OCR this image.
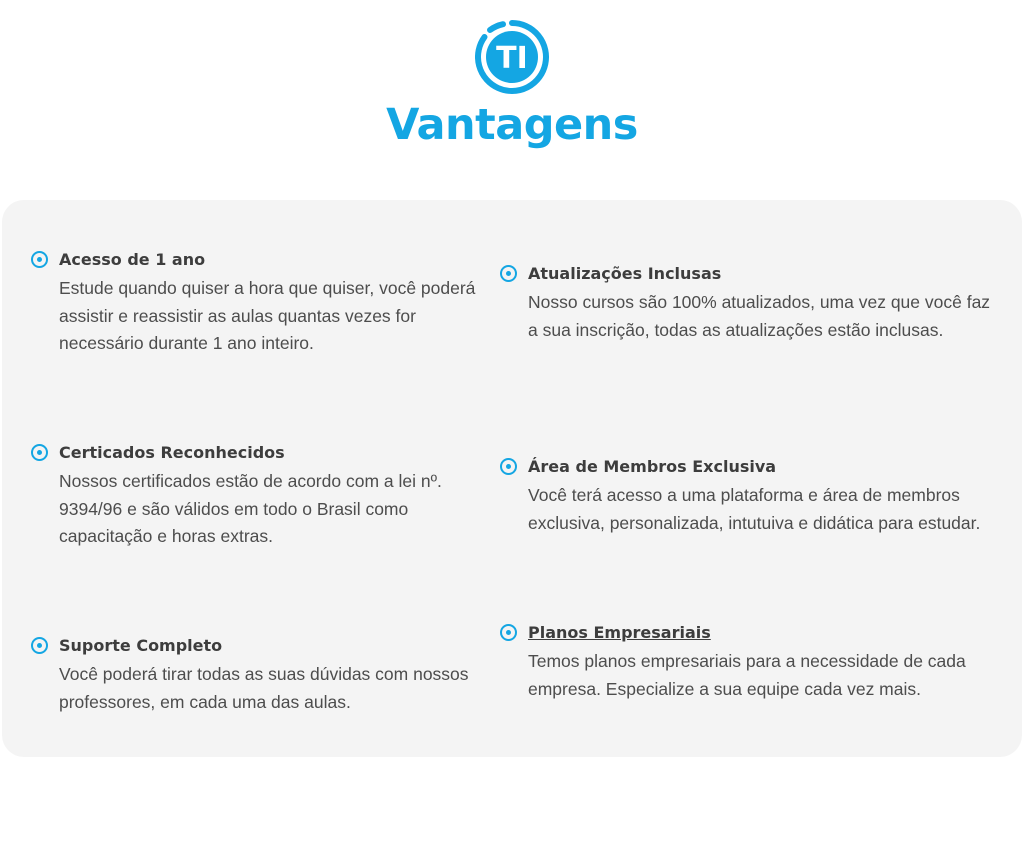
TI
Vantagens
Acesso de 1 ano
Estude quando quiser a hora que quiser, você poderá assistir e reassistir as aulas quantas vezes for necessário durante 1 ano inteiro.
Certicados Reconhecidos
Nossos certificados estão de acordo com a lei nº. 9394/96 e são válidos em todo o Brasil como capacitação e horas extras.
Suporte Completo
Você poderá tirar todas as suas dúvidas com nossos professores, em cada uma das aulas.
Atualizações Inclusas
Nosso cursos são 100% atualizados, uma vez que você faz a sua inscrição, todas as atualizações estão inclusas.
Área de Membros Exclusiva
Você terá acesso a uma plataforma e área de membros exclusiva, personalizada, intutuiva e didática para estudar.
Planos Empresariais
Temos planos empresariais para a necessidade de cada empresa. Especialize a sua equipe cada vez mais.
